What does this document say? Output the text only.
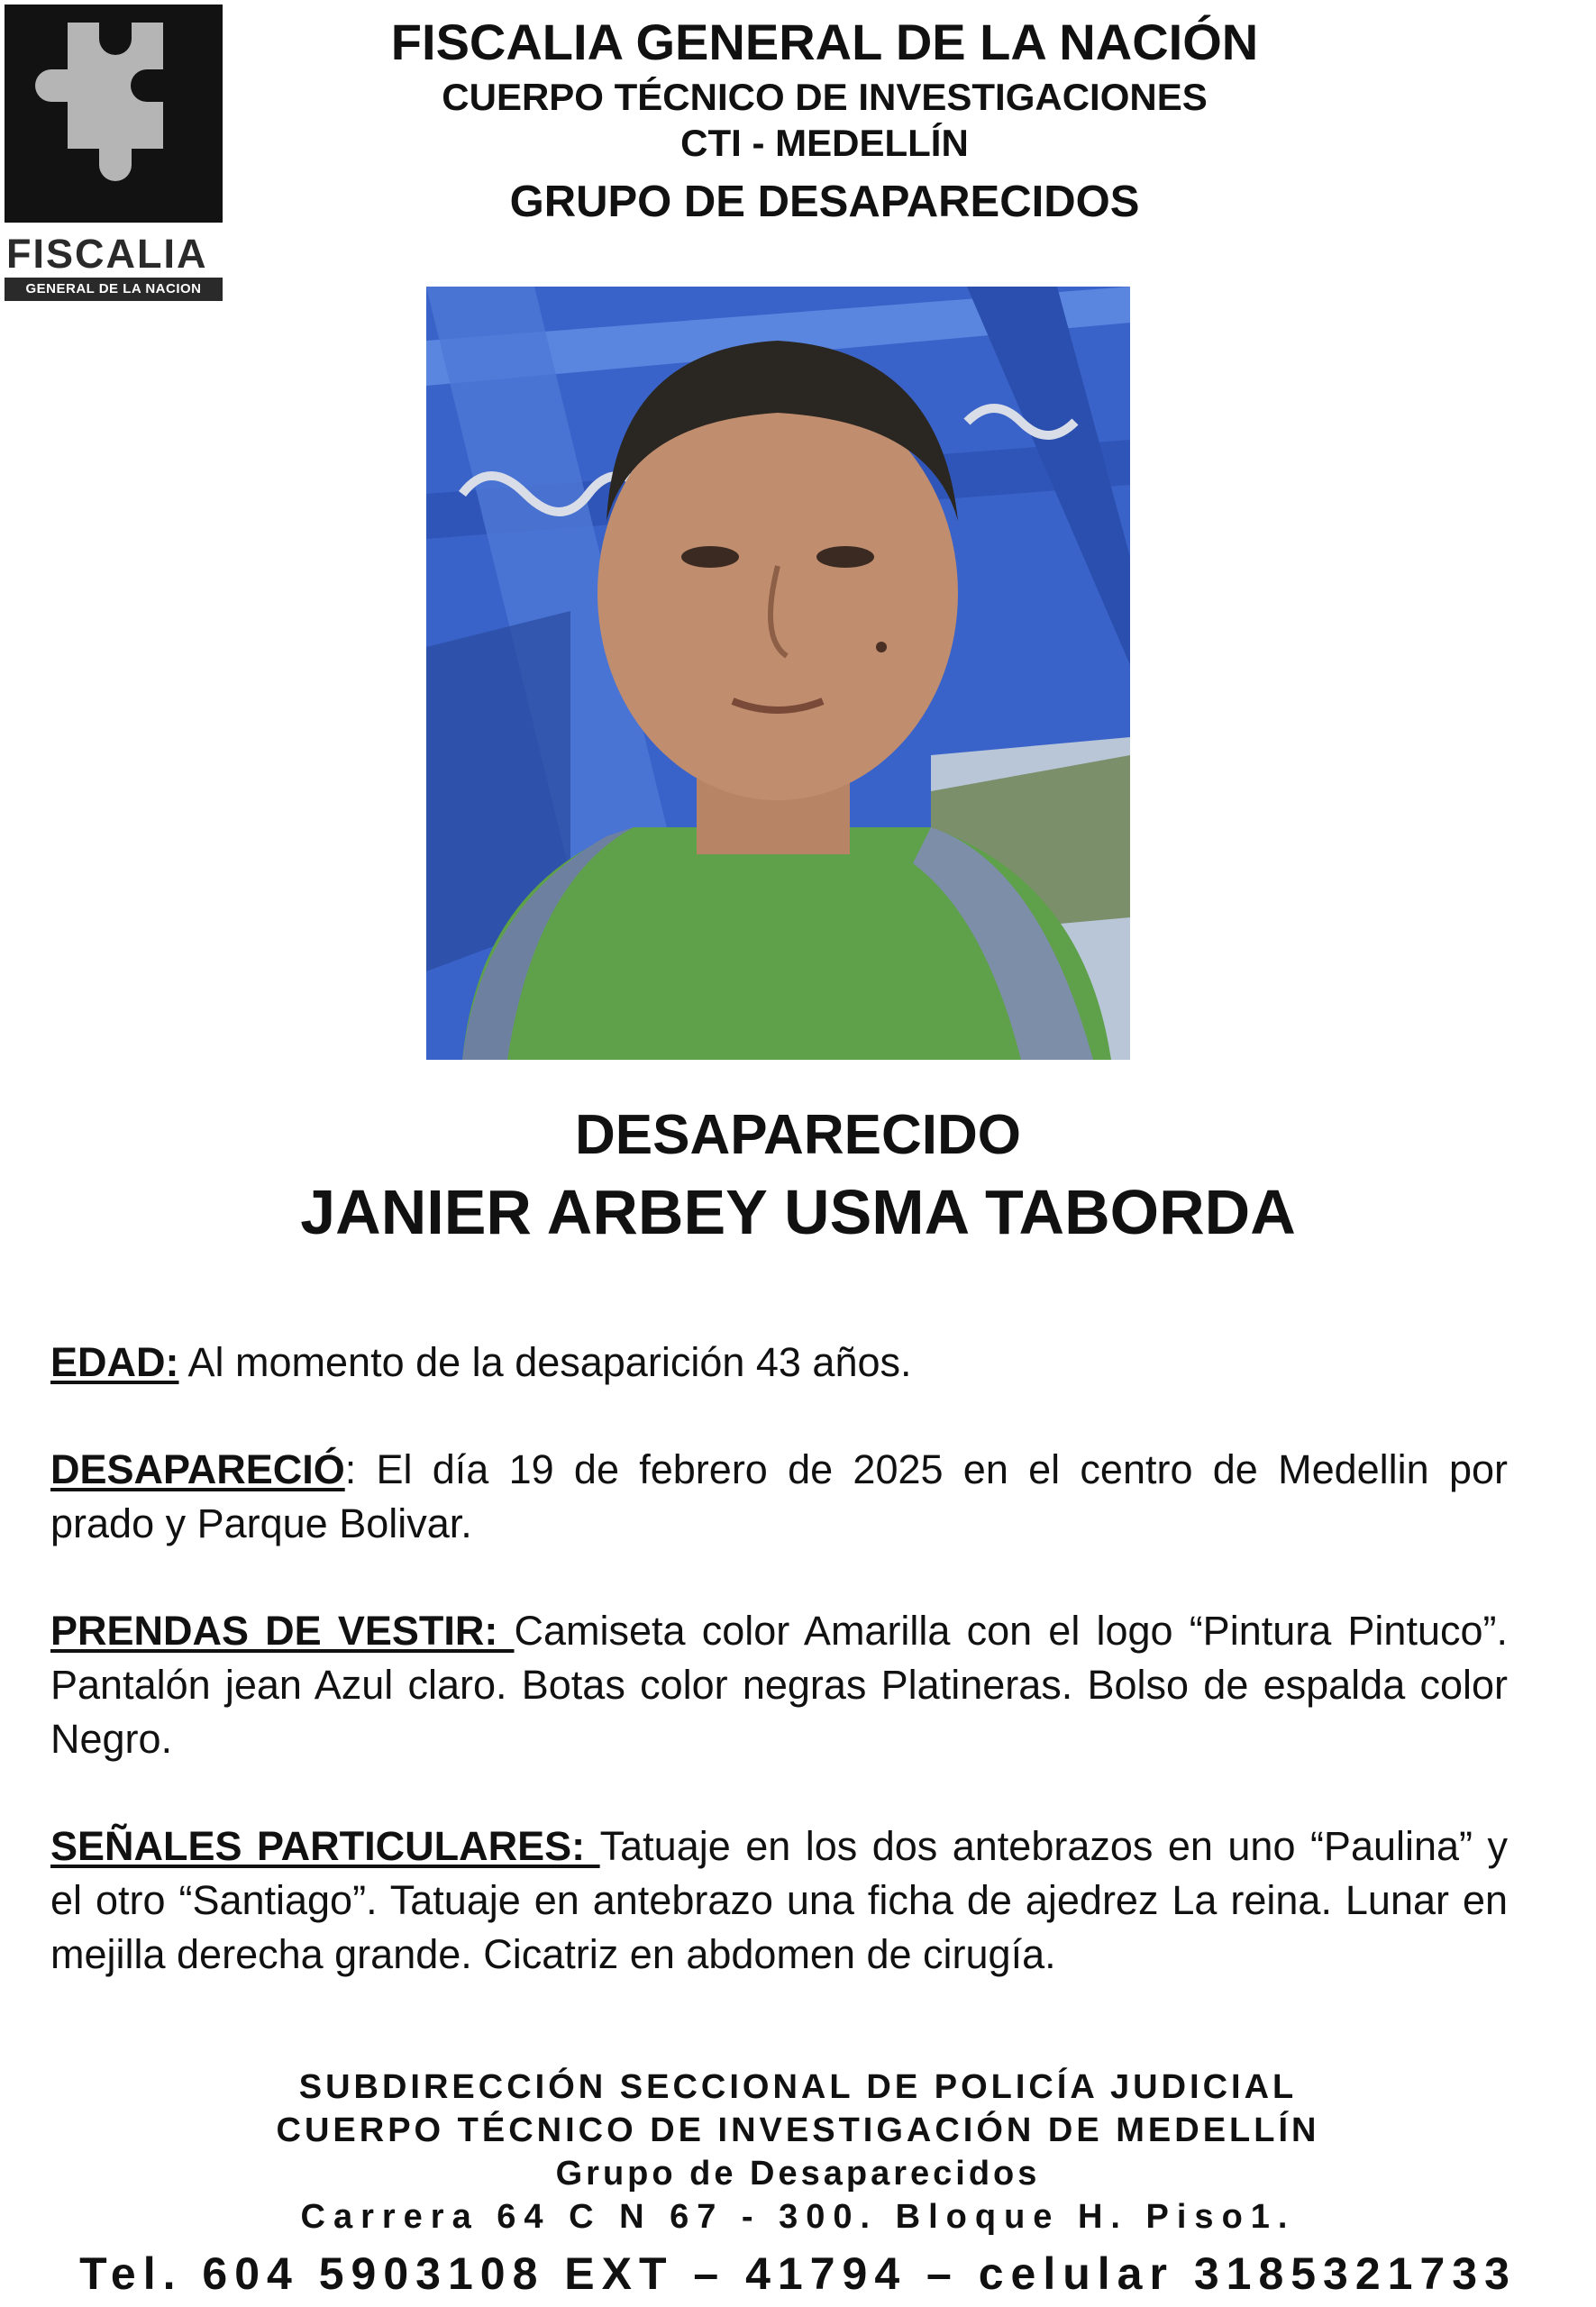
FISCALIA
GENERAL DE LA NACION
FISCALIA GENERAL DE LA NACIÓN
CUERPO TÉCNICO DE INVESTIGACIONES
CTI - MEDELLÍN
GRUPO DE DESAPARECIDOS
DESAPARECIDO
JANIER ARBEY USMA TABORDA

EDAD: Al momento de la desaparición 43 años.

DESAPARECIÓ: El día 19 de febrero de 2025 en el centro de Medellin por prado y Parque Bolivar.

PRENDAS DE VESTIR: Camiseta color Amarilla con el logo “Pintura Pintuco”. Pantalón jean Azul claro. Botas color negras Platineras. Bolso de espalda color Negro.

SEÑALES PARTICULARES: Tatuaje en los dos antebrazos en uno “Paulina” y el otro “Santiago”. Tatuaje en antebrazo una ficha de ajedrez La reina. Lunar en mejilla derecha grande. Cicatriz en abdomen de cirugía.

SUBDIRECCIÓN SECCIONAL DE POLICÍA JUDICIAL
CUERPO TÉCNICO DE INVESTIGACIÓN DE MEDELLÍN
Grupo de Desaparecidos
Carrera 64 C N 67 - 300. Bloque H. Piso1.
Tel. 604 5903108 EXT – 41794 – celular 3185321733
